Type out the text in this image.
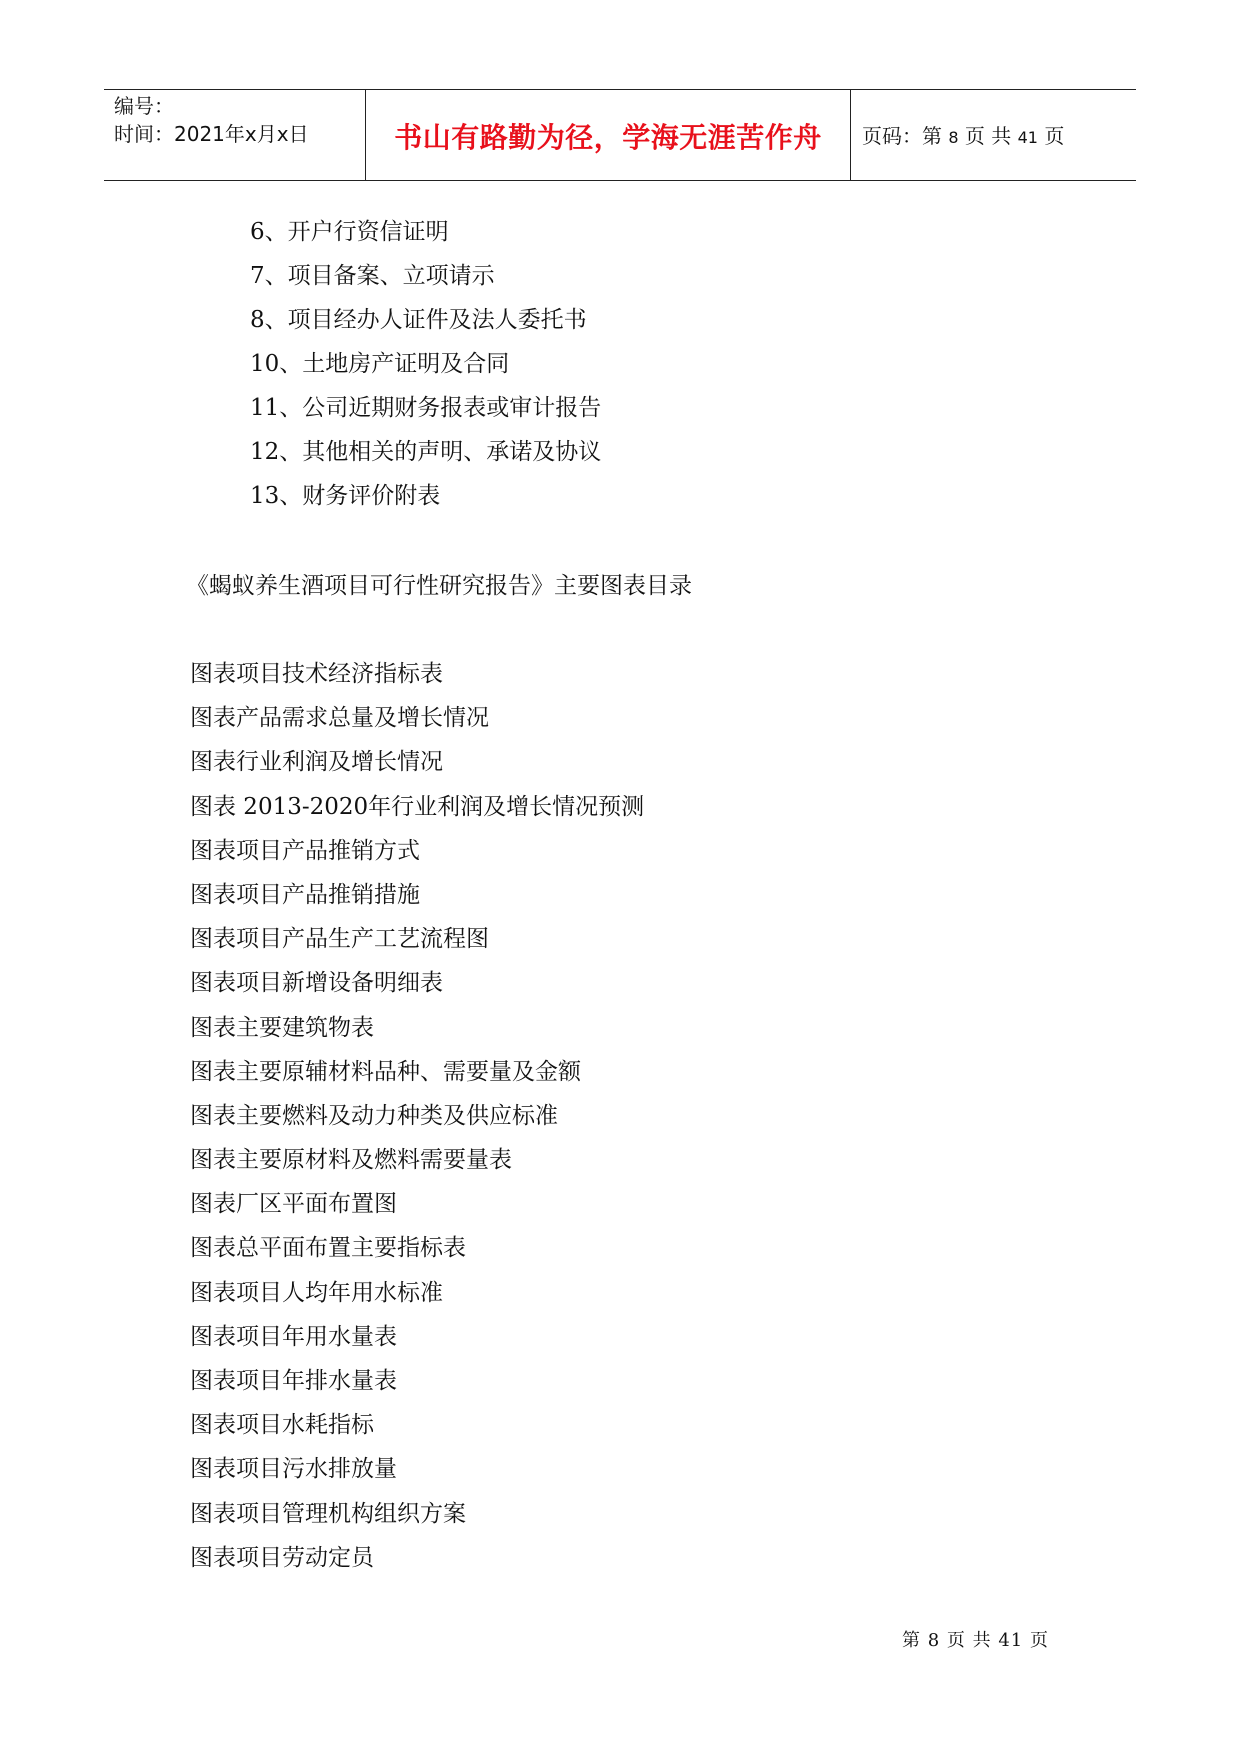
编号：
时间：2021年x月x日	书山有路勤为径，学海无涯苦作舟	页码：第 8 页 共 41 页
6、开户行资信证明
7、项目备案、立项请示
8、项目经办人证件及法人委托书
10、土地房产证明及合同
11、公司近期财务报表或审计报告
12、其他相关的声明、承诺及协议
13、财务评价附表
《蝎蚁养生酒项目可行性研究报告》主要图表目录
图表项目技术经济指标表
图表产品需求总量及增长情况
图表行业利润及增长情况
图表 2013-2020年行业利润及增长情况预测
图表项目产品推销方式
图表项目产品推销措施
图表项目产品生产工艺流程图
图表项目新增设备明细表
图表主要建筑物表
图表主要原辅材料品种、需要量及金额
图表主要燃料及动力种类及供应标准
图表主要原材料及燃料需要量表
图表厂区平面布置图
图表总平面布置主要指标表
图表项目人均年用水标准
图表项目年用水量表
图表项目年排水量表
图表项目水耗指标
图表项目污水排放量
图表项目管理机构组织方案
图表项目劳动定员
第 8 页 共 41 页
